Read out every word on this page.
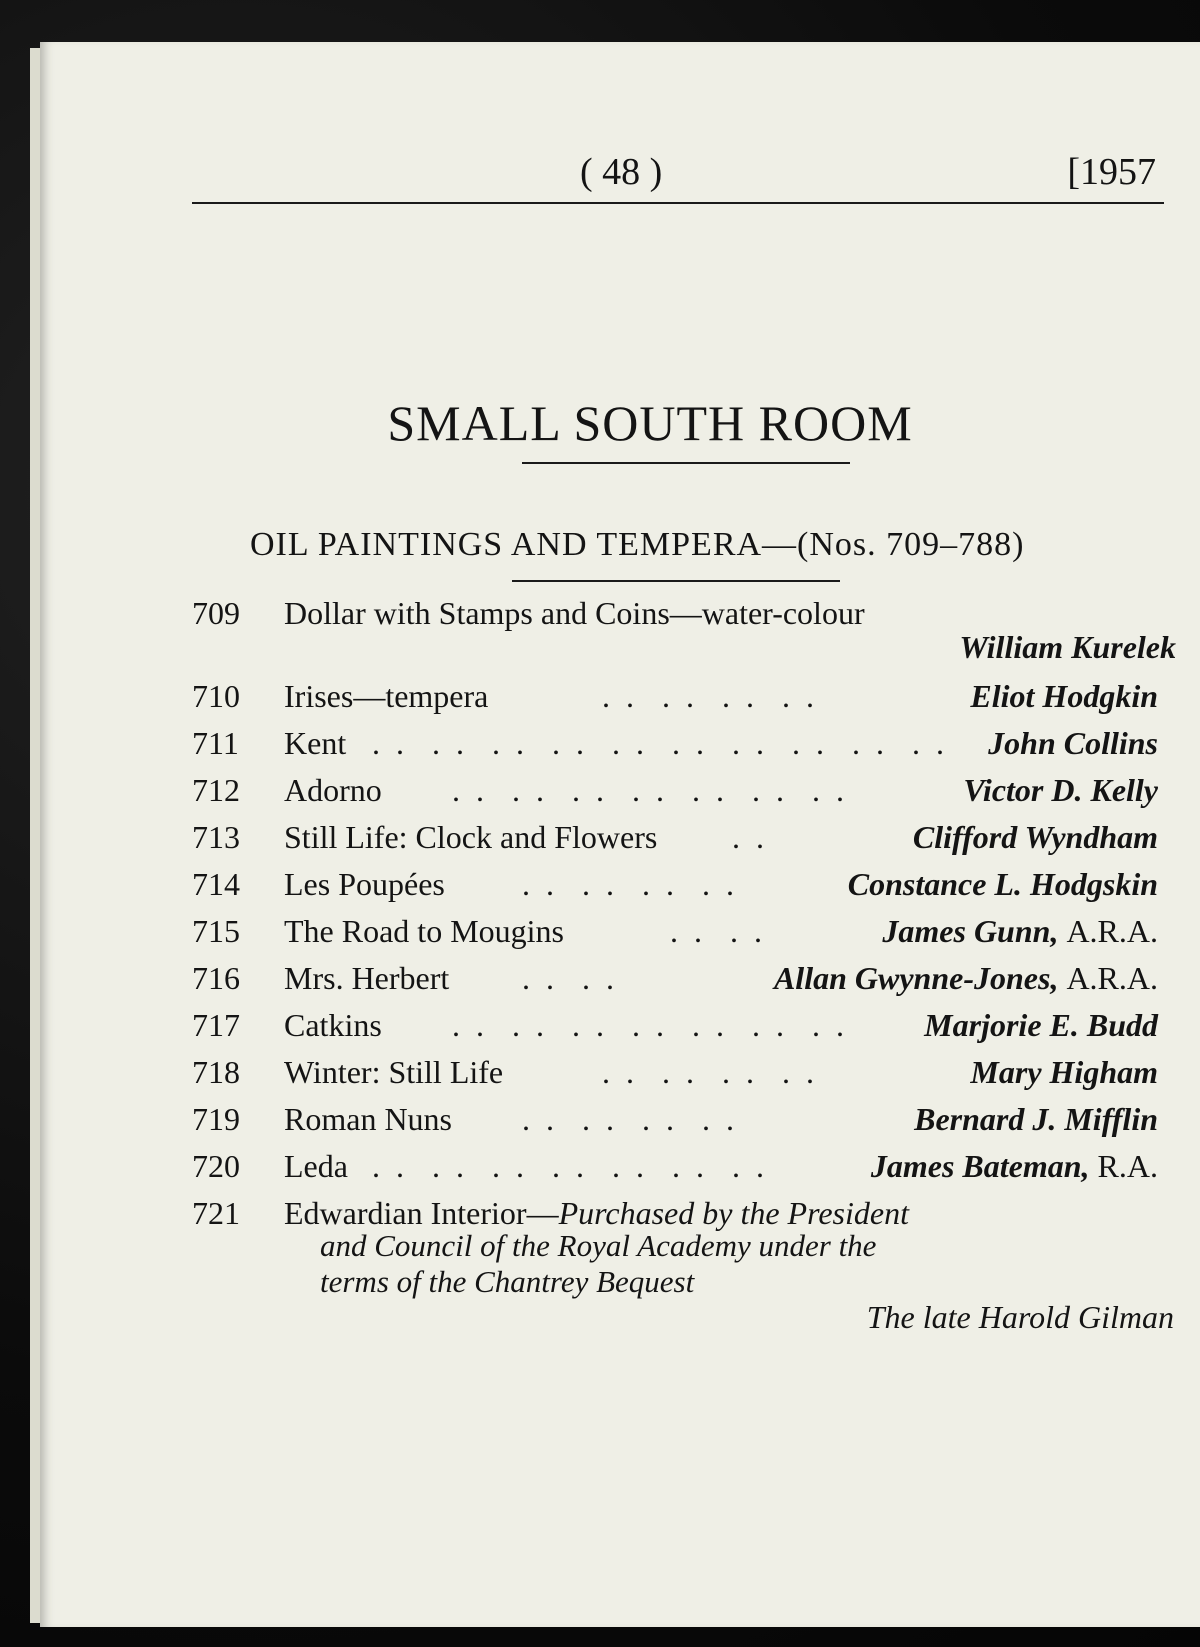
( 48 )	[1957
SMALL SOUTH ROOM
OIL PAINTINGS AND TEMPERA—(Nos. 709–788)
709	Dollar with Stamps and Coins—water-colour
William Kurelek
710	Irises—tempera	. .  . .  . .  . .	Eliot Hodgkin
711	Kent . .  . .  . .  . .  . .  . .  . .  . .  . .  . . John Collins
712	Adorno . .  . .  . .  . .  . .  . .  . .	Victor D. Kelly
713	Still Life: Clock and Flowers . .	Clifford Wyndham
714	Les Poupées . .  . .  . .  . .	Constance L. Hodgskin
715	The Road to Mougins	. .  . .	James Gunn, A.R.A.
716	Mrs. Herbert . .  . .	Allan Gwynne-Jones, A.R.A.
717	Catkins . .  . .  . .  . .  . .  . .  . . Marjorie E. Budd
718	Winter: Still Life	. .  . .  . .  . .	Mary Higham
719	Roman Nuns . .  . .  . .  . .	Bernard J. Mifflin
720	Leda . .  . .  . .  . .  . .  . .  . .	James Bateman, R.A.
721	Edwardian Interior—Purchased by the President
and Council of the Royal Academy under the
terms of the Chantrey Bequest
The late Harold Gilman
